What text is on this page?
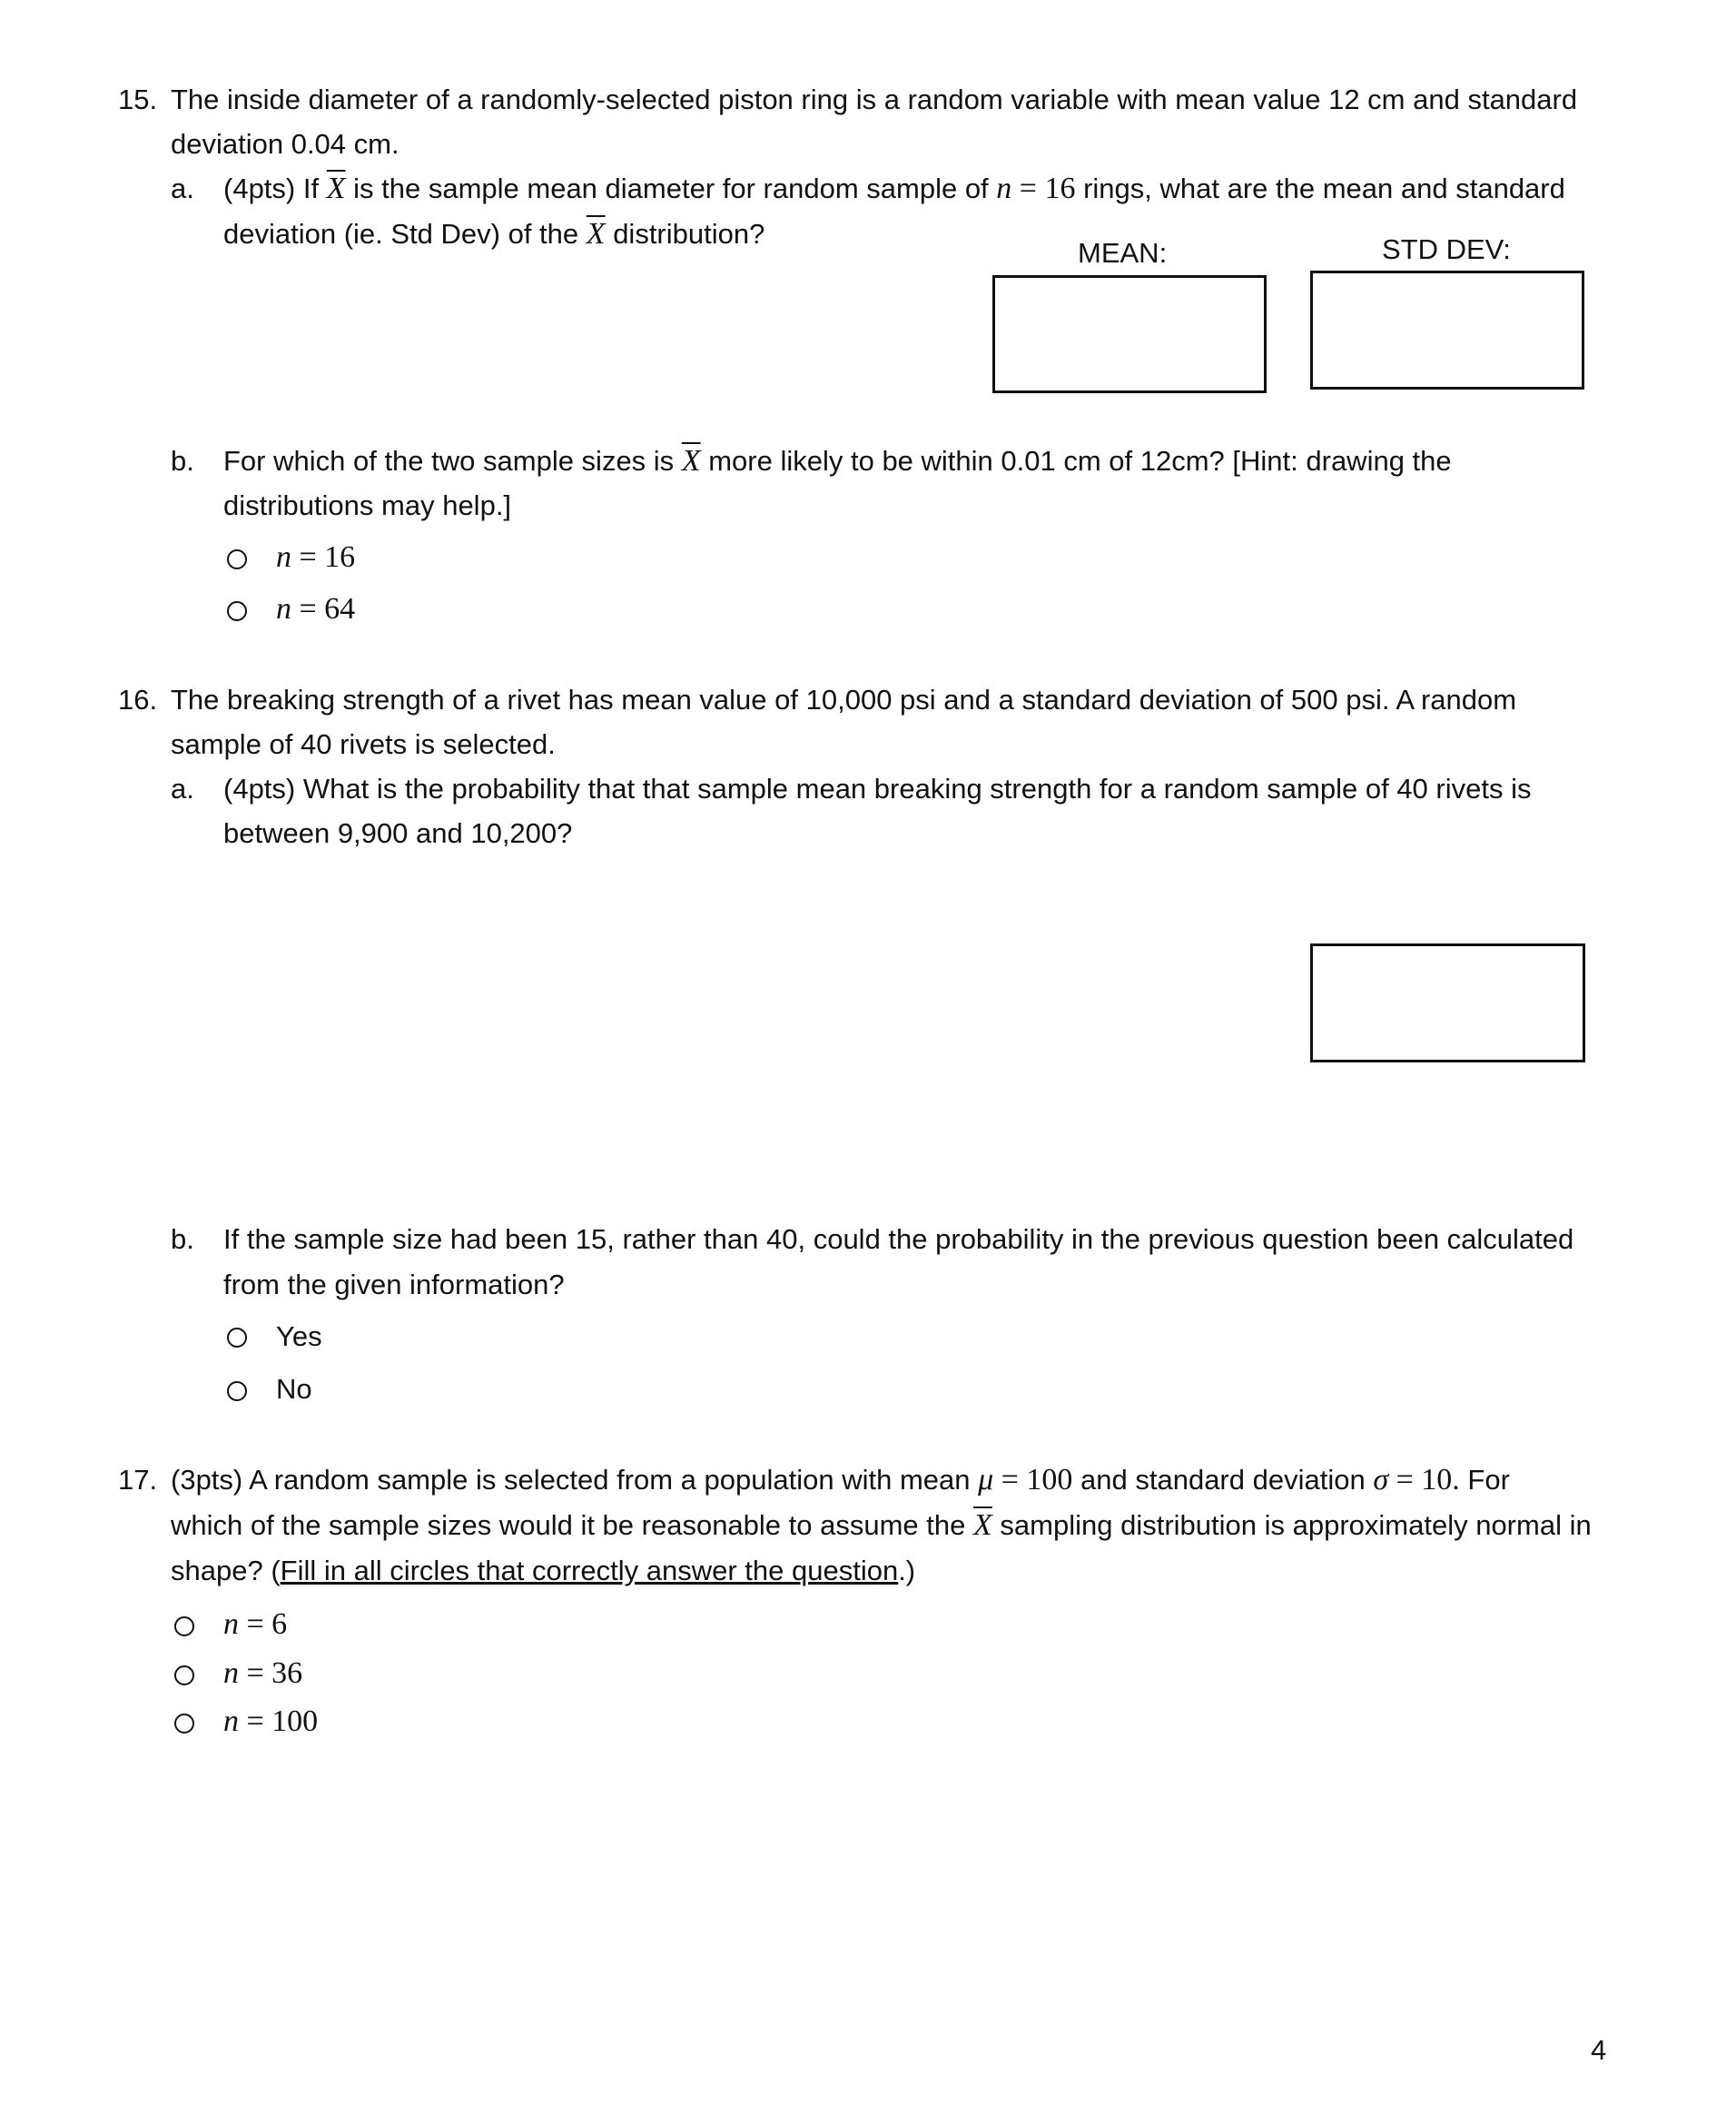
15. The inside diameter of a randomly-selected piston ring is a random variable with mean value 12 cm and standard
deviation 0.04 cm.
a. (4pts) If $\overline{X}$ is the sample mean diameter for random sample of n = 16 rings, what are the mean and standard
deviation (ie. Std Dev) of the $\overline{X}$ distribution?
MEAN:	STD DEV:
b. For which of the two sample sizes is $\overline{X}$ more likely to be within 0.01 cm of 12cm? [Hint: drawing the
distributions may help.]
n = 16
n = 64
16. The breaking strength of a rivet has mean value of 10,000 psi and a standard deviation of 500 psi. A random
sample of 40 rivets is selected.
a. (4pts) What is the probability that that sample mean breaking strength for a random sample of 40 rivets is
between 9,900 and 10,200?
b. If the sample size had been 15, rather than 40, could the probability in the previous question been calculated
from the given information?
Yes
No
17. (3pts) A random sample is selected from a population with mean μ = 100 and standard deviation σ = 10. For
which of the sample sizes would it be reasonable to assume the $\overline{X}$ sampling distribution is approximately normal in
shape? (Fill in all circles that correctly answer the question.)
n = 6
n = 36
n = 100
4
